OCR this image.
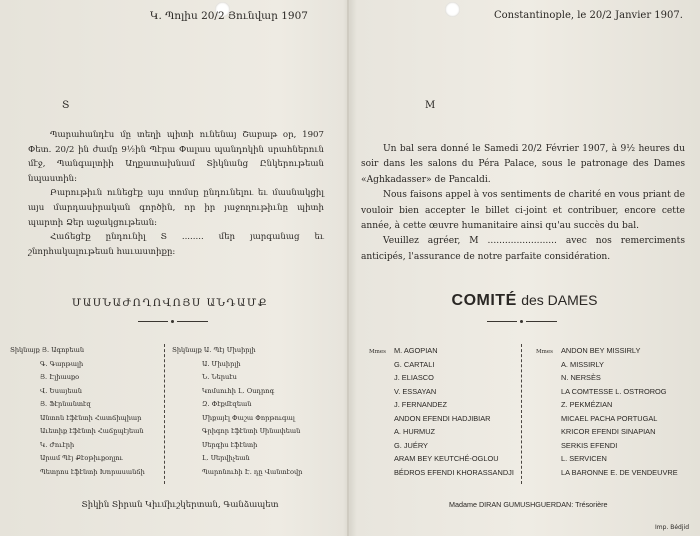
Կ. Պոլիս 20/2 Յունվար 1907
Տ

Պարահանդէս մը տեղի պիտի ունենայ Շաբաթ օր, 1907 Փետ. 20/2 ին ժամը 9½ին Պէրա Փալաս պանդոկին սրահներուն մէջ, Պանգալտիի Աղքատախնամ Տիկնանց Ընկերութեան նպաստին:

Բարութիւն ունեցէք այս տոմսը ընդունելու եւ մասնակցիլ այս մարդասիրական գործին, որ իր յաջողութիւնը պիտի պարտի Ձեր աջակցութեան:

Հաճեցէք ընդունիլ Տ ........ մեր յարգանաց եւ շնորհակալութեան հաւաստիքը:

ՄԱՍՆԱԺՈՂՈՎՈՅՍ ԱՆԴԱՄՔ
Տիկնայք Յ. Ագոբեան
Գ. Գարթալի
Յ. Էլիասքօ
Վ. Եսայեան
Յ. Ֆէրնանտէզ
Անտոն էֆէնտի Հատճիպիար
Աւետիք էֆէնտի Հաճըպէյեան
Կ. Ժուէրի
Արամ Պէյ Քէօթիւքօղլու
Պետրոս էֆէնտի Խորասանճի
Տիկնայք Ա. Պէյ Միսիրլի
Ա. Միսիրլի
Ն. Ներսէս
Կոմսուհի Լ. Օսդրոգ
Զ. Փէքմէզեան
Միքայէլ Փաշա Փորթուգալ
Գրիգոր էֆէնտի Սինափեան
Սերգիս էֆէնտի
Լ. Սերվիչեան
Պարոնուհի Է. դը Վանտէօվր
Տիկին Տիրան Կիւմիւշկերտան, Գանձապետ
Constantinople, le 20/2 Janvier 1907.
M

Un bal sera donné le Samedi 20/2 Février 1907, à 9½ heures du soir dans les salons du Péra Palace, sous le patronage des Dames «Aghkadasser» de Pancaldi.

Nous faisons appel à vos sentiments de charité en vous priant de vouloir bien accepter le billet ci-joint et contribuer, encore cette année, à cette œuvre humanitaire ainsi qu'au succès du bal.

Veuillez agréer, M ........................ avec nos remerciments anticipés, l'assurance de notre parfaite considération.

COMITÉ des DAMES
Mmes M. AGOPIAN
G. CARTALI
J. ELIASCO
V. ESSAYAN
J. FERNANDEZ
ANDON EFENDI HADJIBIAR
A. HURMUZ
G. JUÉRY
ARAM BEY KEUTCHÉ-OGLOU
BÉDROS EFENDI KHORASSANDJI
Mmes ANDON BEY MISSIRLY
A. MISSIRLY
N. NERSÈS
LA COMTESSE L. OSTROROG
Z. PEKMÉZIAN
MICAEL PACHA PORTUGAL
KRICOR EFENDI SINAPIAN
SERKIS EFENDI
L. SERVICEN
LA BARONNE E. DE VENDEUVRE
Madame DIRAN GUMUSHGUERDAN: Trésorière
Imp. Bédjid
